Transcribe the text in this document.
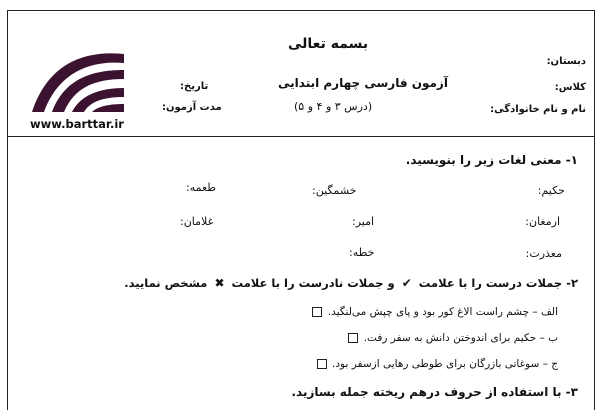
بسمه تعالی
دبستان:
کلاس:
نام و نام خانوادگی:
آزمون فارسی چهارم ابتدایی
(درس ۳ و ۴ و ۵)
تاریخ:
مدت آزمون:
www.barttar.ir
۱- معنی لغات زیر را بنویسید.
حکیم:
خشمگین:
طعمه:
ارمغان:
امیر:
غلامان:
معذرت:
خطه:
۲- جملات درست را با علامت ✔ و جملات نادرست را با علامت ✖ مشخص نمایید.
الف – چشم راست الاغ کور بود و پای چپش می‌لنگید.
ب – حکیم برای اندوختن دانش به سفر رفت.
ج – سوغاتی بازرگان برای طوطی رهایی ازسفر بود.
۳- با استفاده از حروف درهم ریخته جمله بسازید.
